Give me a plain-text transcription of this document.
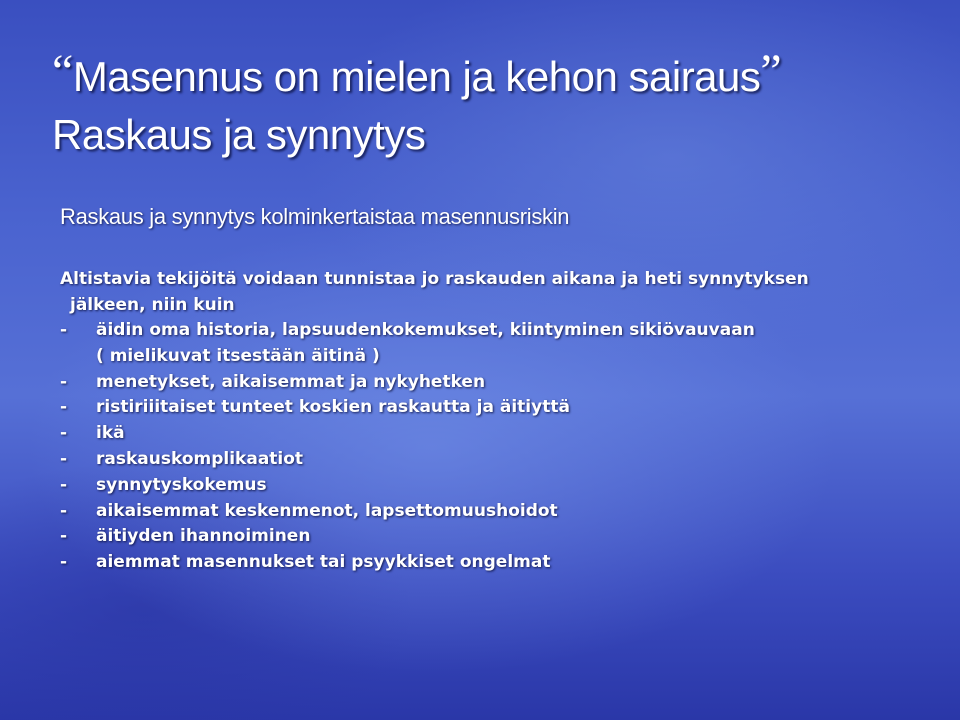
“Masennus on mielen ja kehon sairaus”
Raskaus ja synnytys
Raskaus ja synnytys kolminkertaistaa masennusriskin

Altistavia tekijöitä voidaan tunnistaa jo raskauden aikana ja heti synnytyksen
jälkeen, niin kuin

- äidin oma historia, lapsuudenkokemukset, kiintyminen sikiövauvaan
( mielikuvat itsestään äitinä )
- menetykset, aikaisemmat ja nykyhetken
- ristiriiitaiset tunteet koskien raskautta ja äitiyttä
- ikä
- raskauskomplikaatiot
- synnytyskokemus
- aikaisemmat keskenmenot, lapsettomuushoidot
- äitiyden ihannoiminen
- aiemmat masennukset tai psyykkiset ongelmat
